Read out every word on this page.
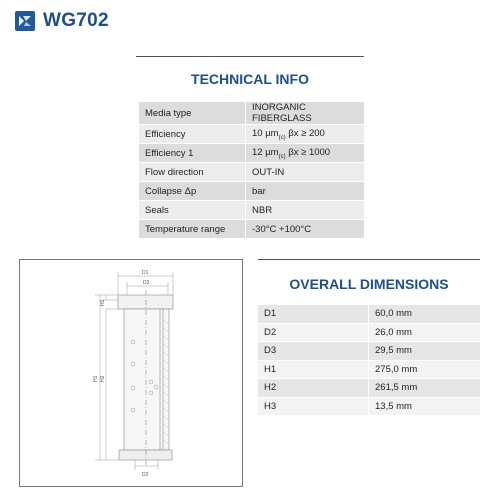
WG702
TECHNICAL INFO
Media type	INORGANIC FIBERGLASS
Efficiency	10 µm$_{(c)}$ βx ≥ 200
Efficiency 1	12 µm$_{(c)}$ βx ≥ 1000
Flow direction	OUT-IN
Collapse Δp	bar
Seals	NBR
Temperature range	-30°C +100°C
D1
D3
D2
H1 H2
H3
OVERALL DIMENSIONS
D1	60,0 mm
D2	26,0 mm
D3	29,5 mm
H1	275,0 mm
H2	261,5 mm
H3	13,5 mm
